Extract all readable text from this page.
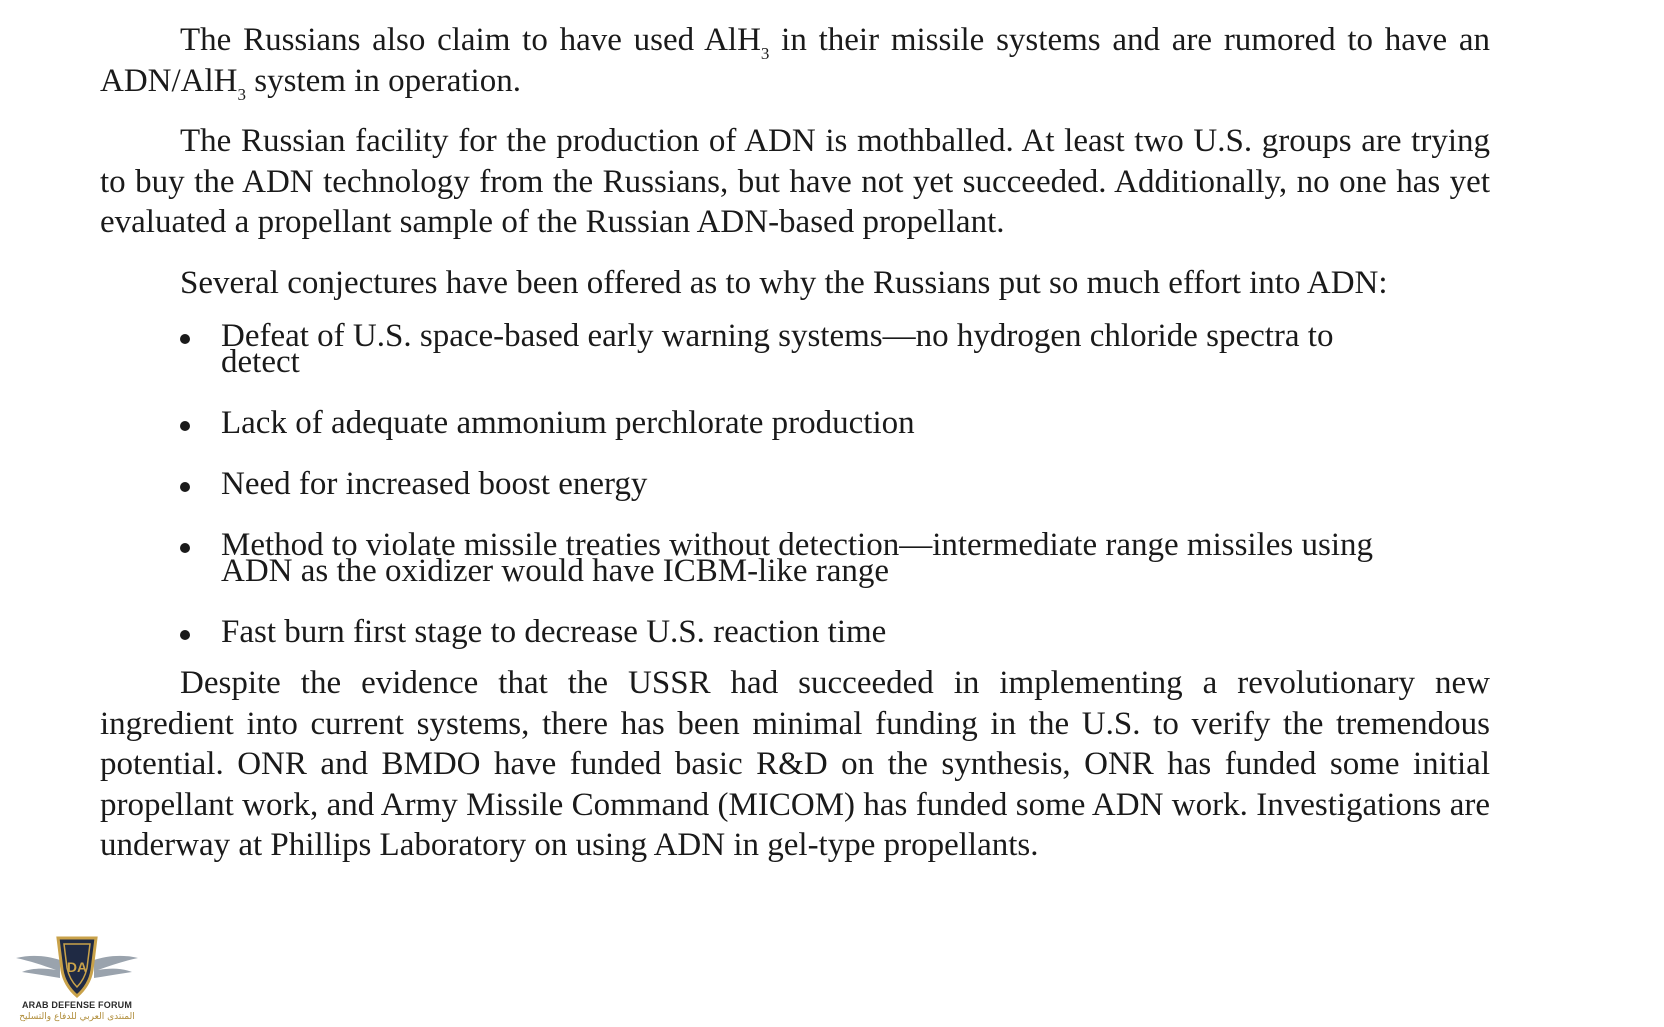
The Russians also claim to have used AlH$_3$ in their missile systems and are rumored to have an ADN/AlH$_3$ system in operation.

The Russian facility for the production of ADN is mothballed. At least two U.S. groups are trying to buy the ADN technology from the Russians, but have not yet succeeded. Additionally, no one has yet evaluated a propellant sample of the Russian ADN-based propellant.

Several conjectures have been offered as to why the Russians put so much effort into ADN:

Defeat of U.S. space-based early warning systems—no hydrogen chloride spectra to detect
Lack of adequate ammonium perchlorate production
Need for increased boost energy
Method to violate missile treaties without detection—intermediate range missiles using ADN as the oxidizer would have ICBM-like range
Fast burn first stage to decrease U.S. reaction time

Despite the evidence that the USSR had succeeded in implementing a revolutionary new ingredient into current systems, there has been minimal funding in the U.S. to verify the tremendous potential. ONR and BMDO have funded basic R&D on the synthesis, ONR has funded some initial propellant work, and Army Missile Command (MICOM) has funded some ADN work. Investigations are underway at Phillips Laboratory on using ADN in gel-type propellants.

DA
ARAB DEFENSE FORUM
المنتدى العربي للدفاع والتسليح
